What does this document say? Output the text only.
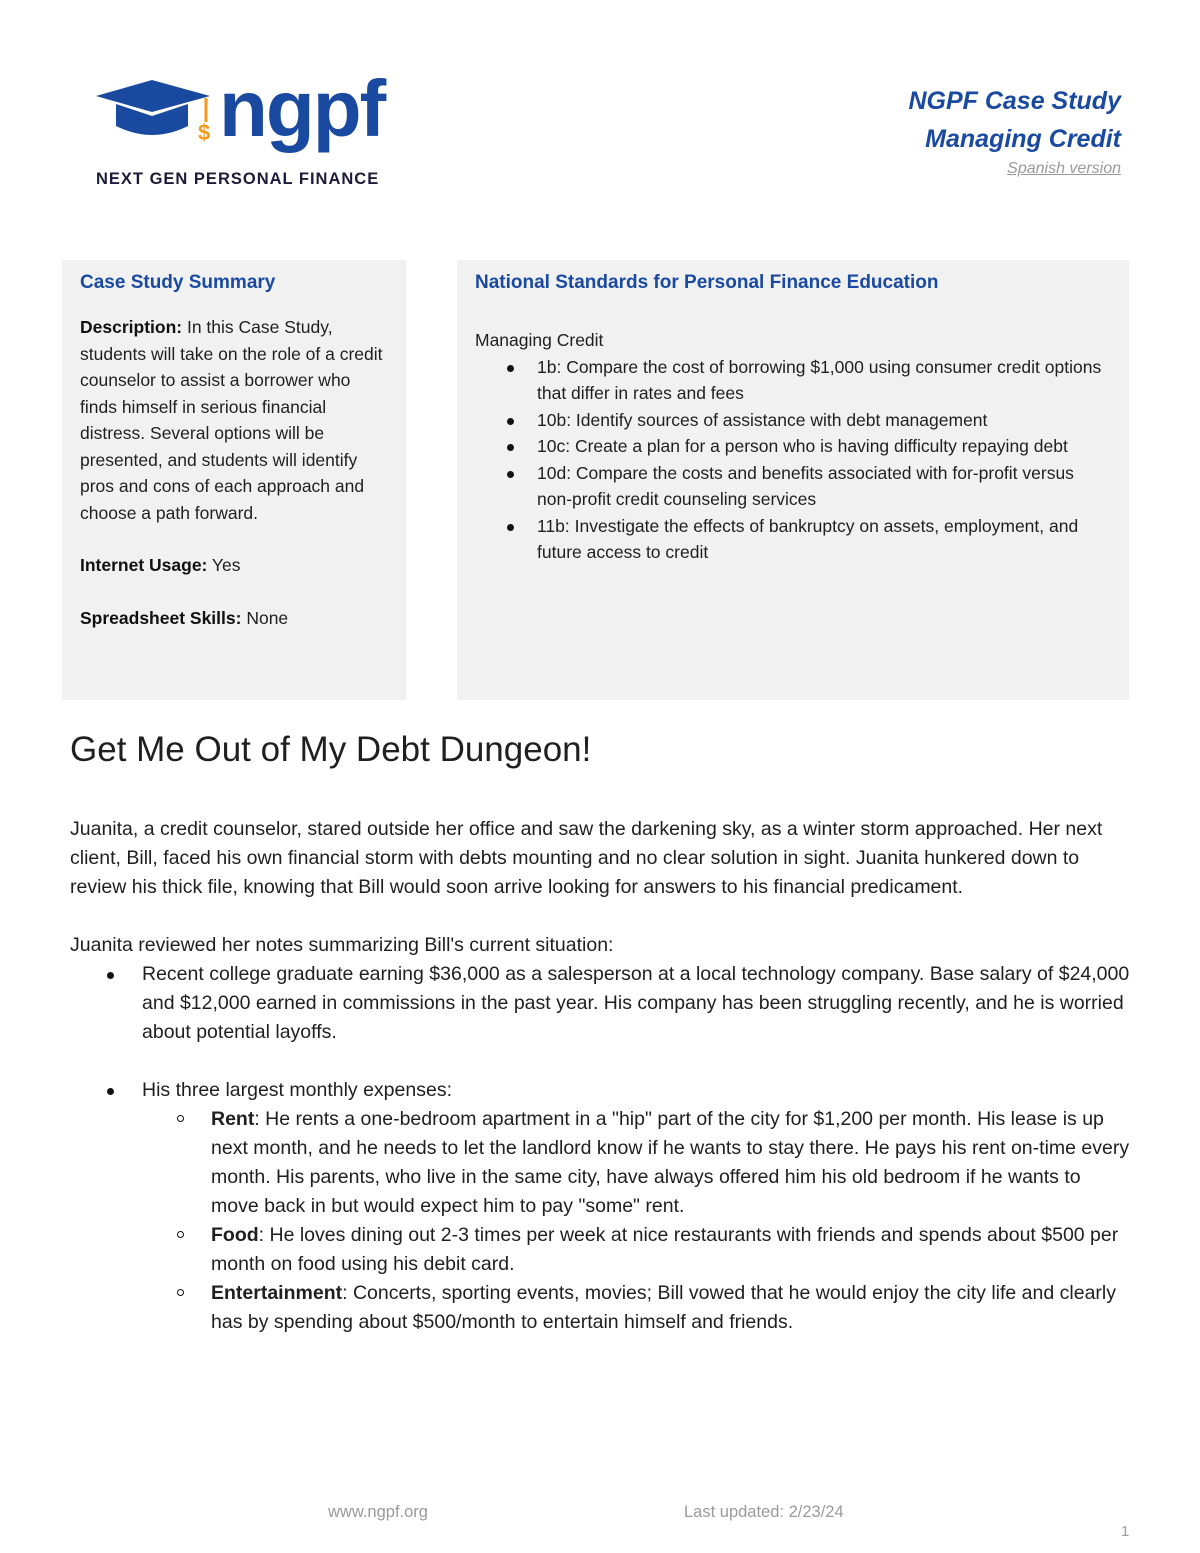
$ ngpf
NEXT GEN PERSONAL FINANCE
NGPF Case Study
Managing Credit
Spanish version
Case Study Summary

Description: In this Case Study, students will take on the role of a credit counselor to assist a borrower who finds himself in serious financial distress. Several options will be presented, and students will identify pros and cons of each approach and choose a path forward.

Internet Usage: Yes

Spreadsheet Skills: None

National Standards for Personal Finance Education

Managing Credit

1b: Compare the cost of borrowing $1,000 using consumer credit options that differ in rates and fees
10b: Identify sources of assistance with debt management
10c: Create a plan for a person who is having difficulty repaying debt
10d: Compare the costs and benefits associated with for-profit versus non-profit credit counseling services
11b: Investigate the effects of bankruptcy on assets, employment, and future access to credit
Get Me Out of My Debt Dungeon!

Juanita, a credit counselor, stared outside her office and saw the darkening sky, as a winter storm approached. Her next client, Bill, faced his own financial storm with debts mounting and no clear solution in sight. Juanita hunkered down to review his thick file, knowing that Bill would soon arrive looking for answers to his financial predicament.

Juanita reviewed her notes summarizing Bill's current situation:

Recent college graduate earning $36,000 as a salesperson at a local technology company. Base salary of $24,000 and $12,000 earned in commissions in the past year. His company has been struggling recently, and he is worried about potential layoffs.
His three largest monthly expenses:
Rent: He rents a one-bedroom apartment in a "hip" part of the city for $1,200 per month. His lease is up next month, and he needs to let the landlord know if he wants to stay there. He pays his rent on-time every month. His parents, who live in the same city, have always offered him his old bedroom if he wants to move back in but would expect him to pay "some" rent.
Food: He loves dining out 2-3 times per week at nice restaurants with friends and spends about $500 per month on food using his debit card.
Entertainment: Concerts, sporting events, movies; Bill vowed that he would enjoy the city life and clearly has by spending about $500/month to entertain himself and friends.
www.ngpf.org	Last updated: 2/23/24
1
